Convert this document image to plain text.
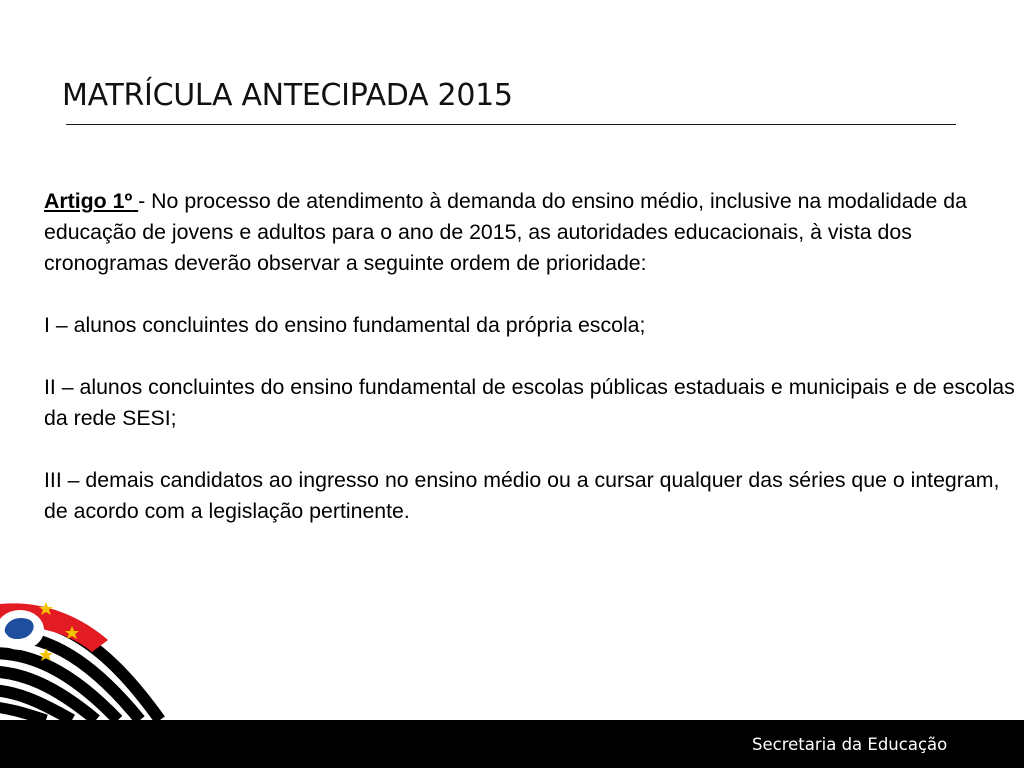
MATRÍCULA ANTECIPADA 2015

Artigo 1º - No processo de atendimento à demanda do ensino médio, inclusive na modalidade da educação de jovens e adultos para o ano de 2015, as autoridades educacionais, à vista dos cronogramas deverão observar a seguinte ordem de prioridade:

I – alunos concluintes do ensino fundamental da própria escola;

II – alunos concluintes do ensino fundamental de escolas públicas estaduais e municipais e de escolas da rede SESI;

III – demais candidatos ao ingresso no ensino médio ou a cursar qualquer das séries que o integram, de acordo com a legislação pertinente.

Secretaria da Educação
